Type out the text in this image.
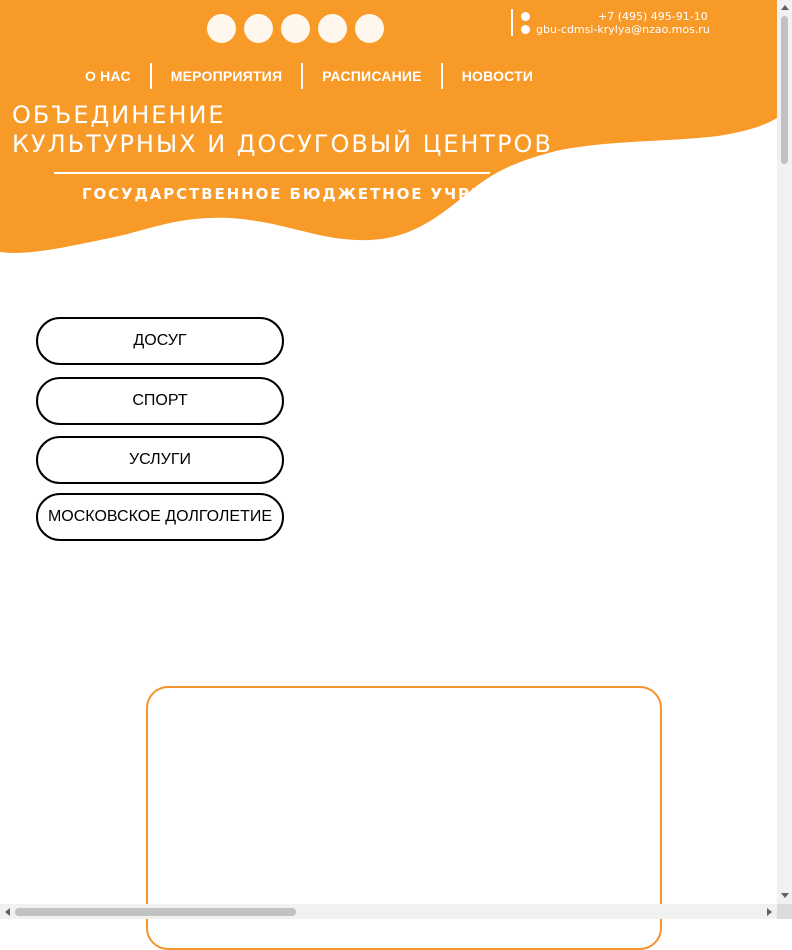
+7 (495) 495-91-10
gbu-cdmsi-krylya@nzao.mos.ru
О НАС	МЕРОПРИЯТИЯ	РАСПИСАНИЕ	НОВОСТИ
ОБЪЕДИНЕНИЕ
КУЛЬТУРНЫХ И ДОСУГОВЫЙ ЦЕНТРОВ
ГОСУДАРСТВЕННОЕ БЮДЖЕТНОЕ УЧРЕЖДЕНИЕ
ДОСУГ
СПОРТ
УСЛУГИ
МОСКОВСКОЕ ДОЛГОЛЕТИЕ
